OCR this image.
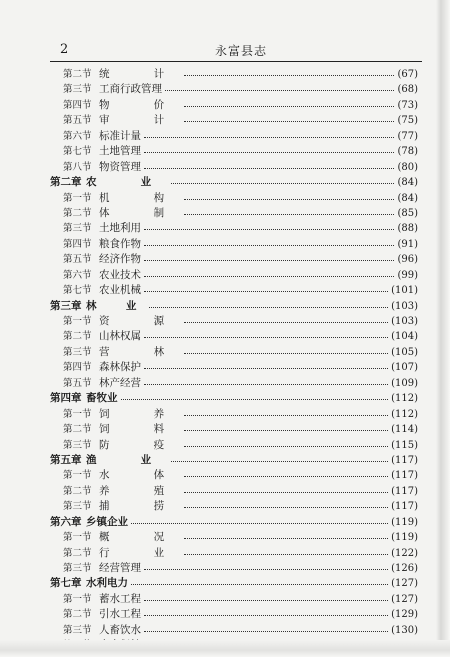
2	永富县志
第二节 统　计	(67)
第三节 工商行政管理	(68)
第四节 物　价	(73)
第五节 审　计	(75)
第六节 标准计量	(77)
第七节 土地管理	(78)
第八节 物资管理	(80)
第二章 农　业	(84)
第一节 机　构	(84)
第二节 体　制	(85)
第三节 土地利用	(88)
第四节 粮食作物	(91)
第五节 经济作物	(96)
第六节 农业技术	(99)
第七节 农业机械	(101)
第三章 林　业	(103)
第一节 资　源	(103)
第二节 山林权属	(104)
第三节 营　林	(105)
第四节 森林保护	(107)
第五节 林产经营	(109)
第四章 畜牧业	(112)
第一节 饲　养	(112)
第二节 饲　料	(114)
第三节 防　疫	(115)
第五章 渔　业	(117)
第一节 水　体	(117)
第二节 养　殖	(117)
第三节 捕　捞	(117)
第六章 乡镇企业	(119)
第一节 概　况	(119)
第二节 行　业	(122)
第三节 经营管理	(126)
第七章 水利电力	(127)
第一节 蓄水工程	(127)
第二节 引水工程	(129)
第三节 人畜饮水	(130)
